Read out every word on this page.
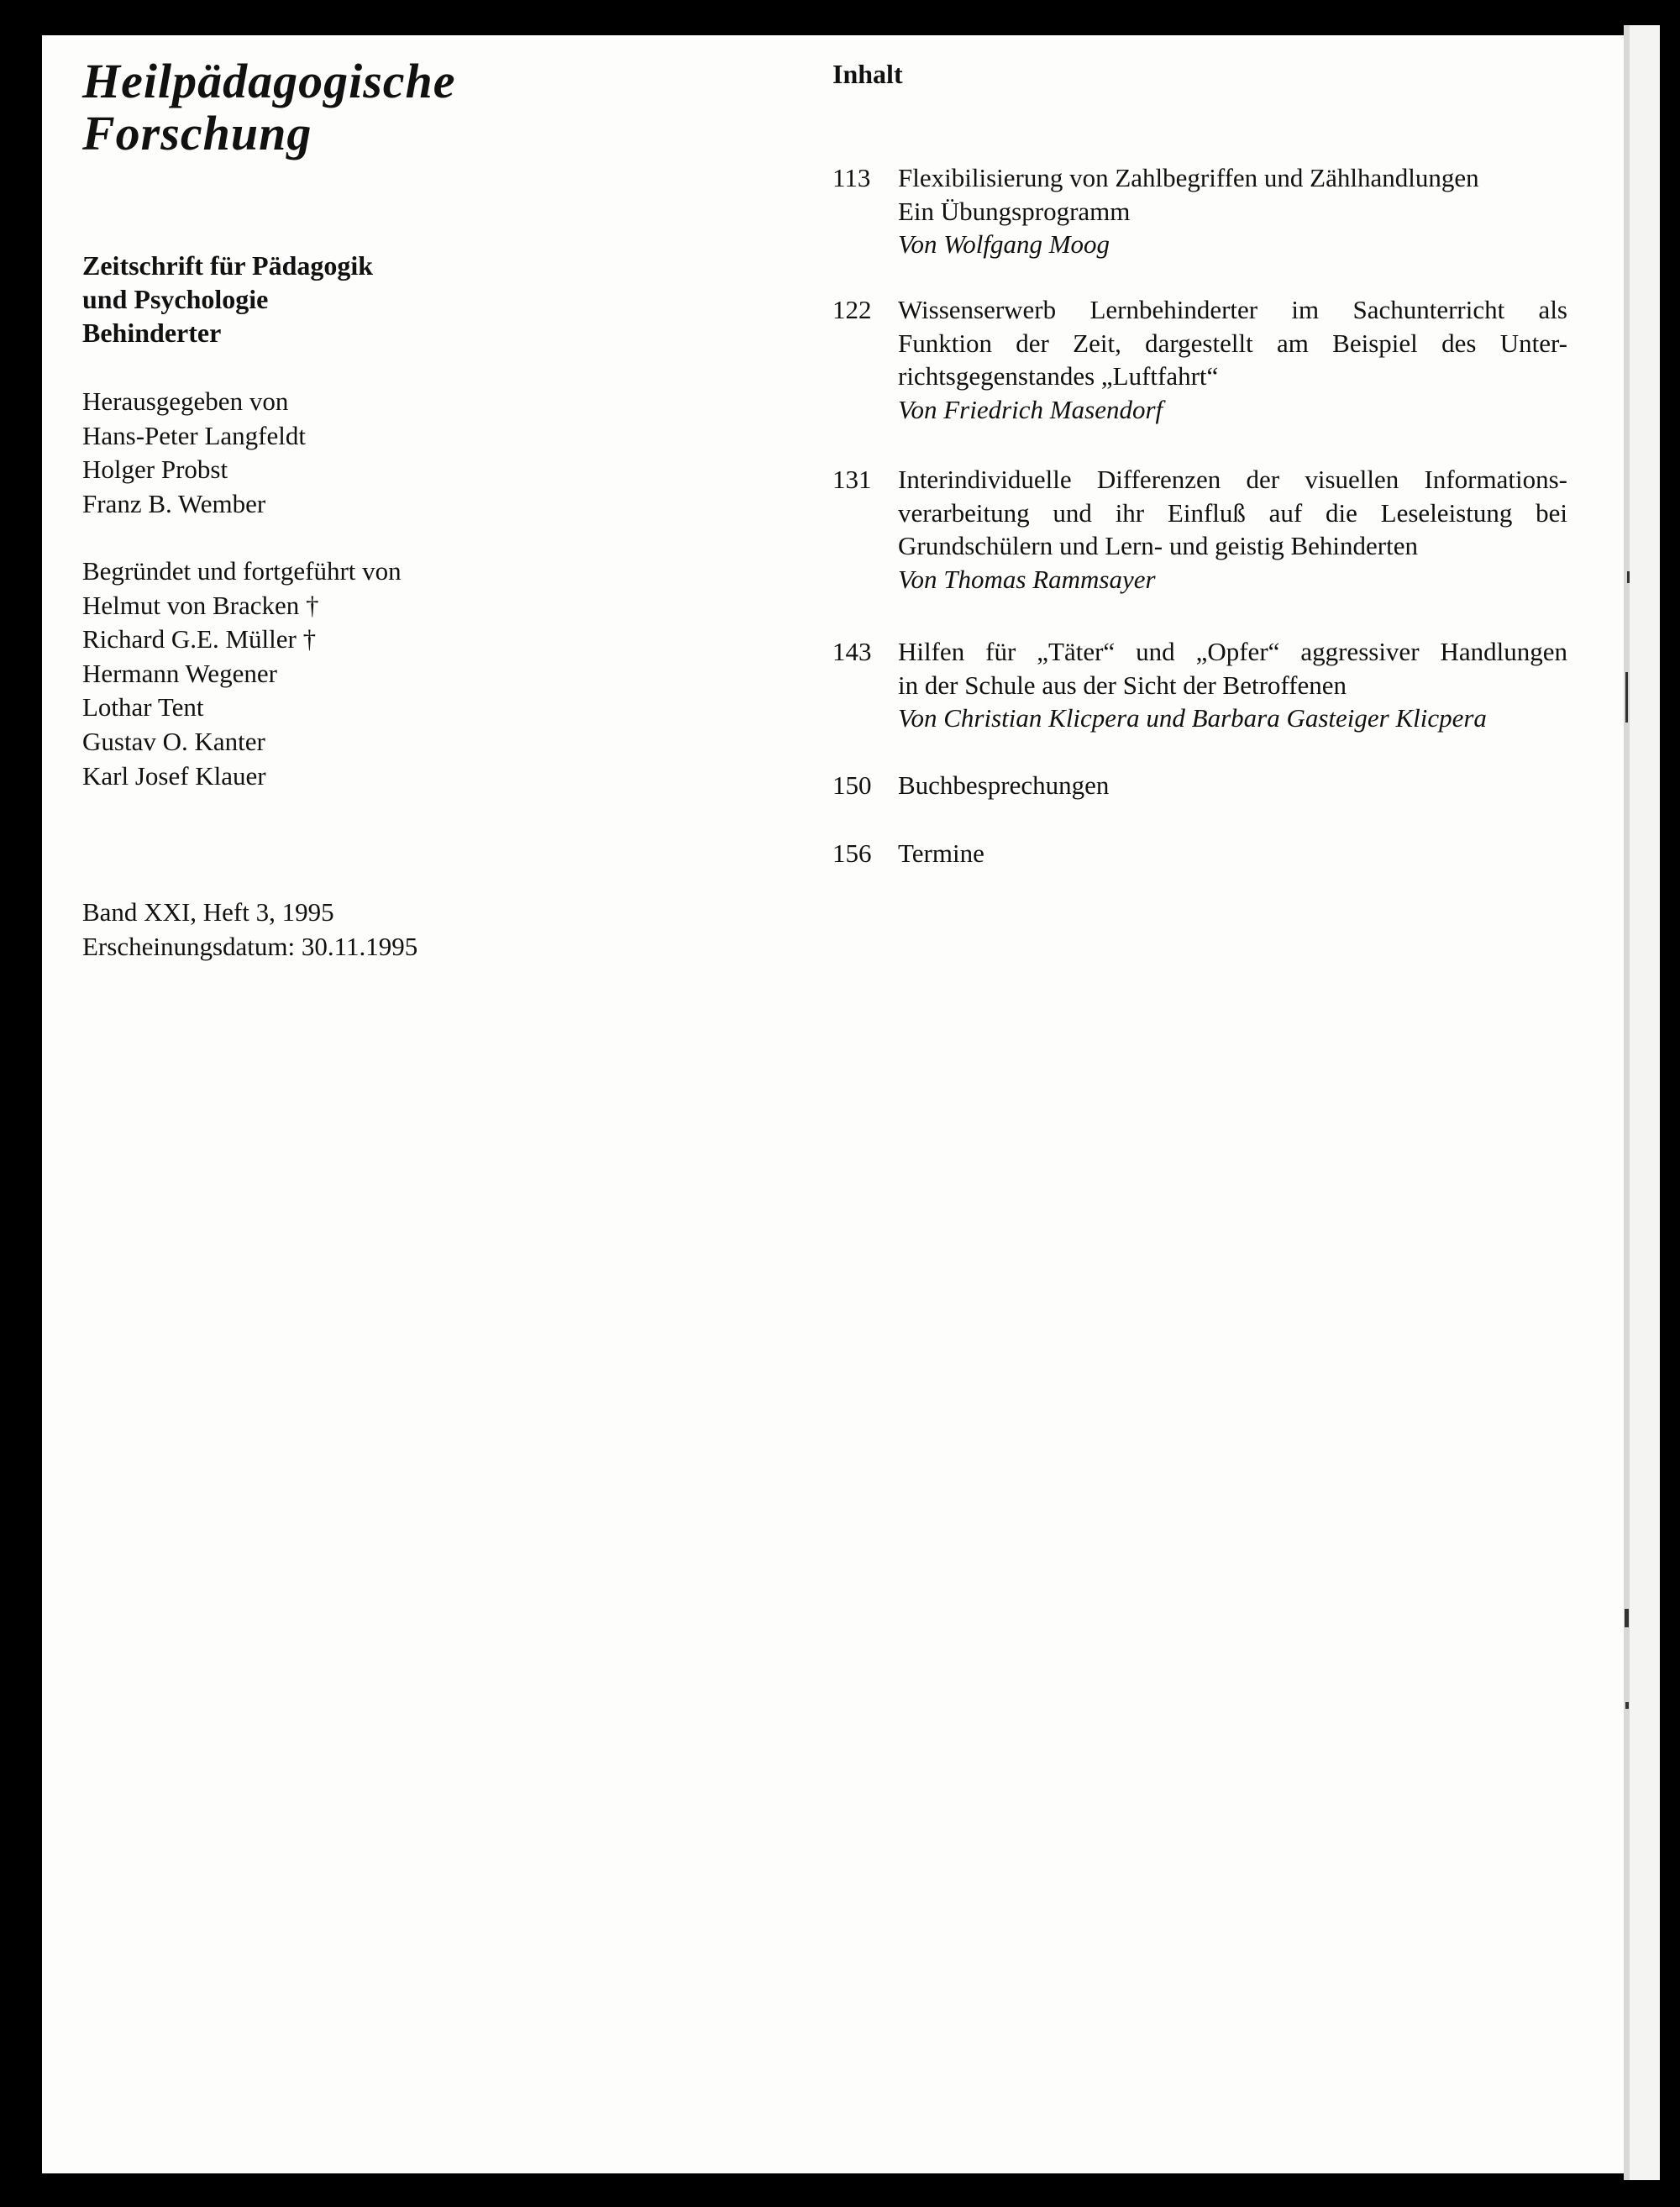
Heilpädagogische
Forschung
Zeitschrift für Pädagogik
und Psychologie
Behinderter
Herausgegeben von
Hans-Peter Langfeldt
Holger Probst
Franz B. Wember
Begründet und fortgeführt von
Helmut von Bracken †
Richard G.E. Müller †
Hermann Wegener
Lothar Tent
Gustav O. Kanter
Karl Josef Klauer
Band XXI, Heft 3, 1995
Erscheinungsdatum: 30.11.1995
Inhalt
113	Flexibilisierung von Zahlbegriffen und Zählhandlungen
Ein Übungsprogramm
Von Wolfgang Moog
122	Wissenserwerb Lernbehinderter im Sachunterricht als
Funktion der Zeit, dargestellt am Beispiel des Unter-
richtsgegenstandes „Luftfahrt“
Von Friedrich Masendorf
131	Interindividuelle Differenzen der visuellen Informations-
verarbeitung und ihr Einfluß auf die Leseleistung bei
Grundschülern und Lern- und geistig Behinderten
Von Thomas Rammsayer
143	Hilfen für „Täter“ und „Opfer“ aggressiver Handlungen
in der Schule aus der Sicht der Betroffenen
Von Christian Klicpera und Barbara Gasteiger Klicpera
150	Buchbesprechungen
156	Termine
